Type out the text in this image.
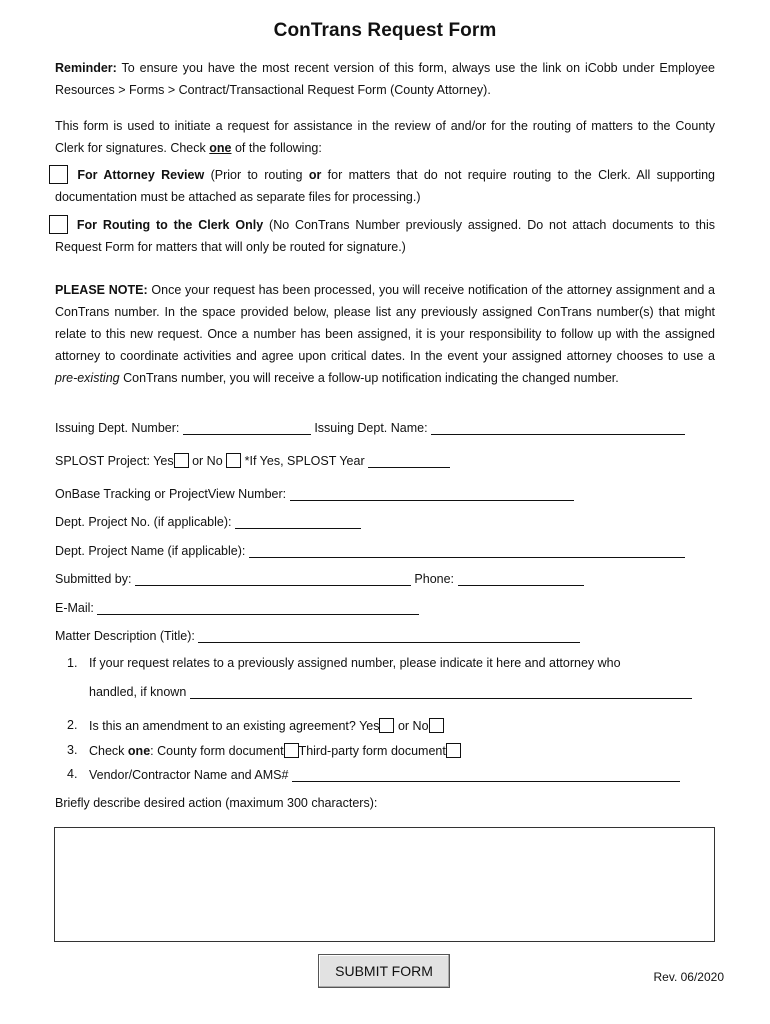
ConTrans Request Form
Reminder: To ensure you have the most recent version of this form, always use the link on iCobb under Employee Resources > Forms > Contract/Transactional Request Form (County Attorney).
This form is used to initiate a request for assistance in the review of and/or for the routing of matters to the County Clerk for signatures. Check one of the following:
For Attorney Review (Prior to routing or for matters that do not require routing to the Clerk. All supporting documentation must be attached as separate files for processing.)
For Routing to the Clerk Only (No ConTrans Number previously assigned. Do not attach documents to this Request Form for matters that will only be routed for signature.)
PLEASE NOTE: Once your request has been processed, you will receive notification of the attorney assignment and a ConTrans number. In the space provided below, please list any previously assigned ConTrans number(s) that might relate to this new request. Once a number has been assigned, it is your responsibility to follow up with the assigned attorney to coordinate activities and agree upon critical dates. In the event your assigned attorney chooses to use a pre-existing ConTrans number, you will receive a follow-up notification indicating the changed number.
Issuing Dept. Number:	Issuing Dept. Name:
SPLOST Project: Yes or No *If Yes, SPLOST Year
OnBase Tracking or ProjectView Number:
Dept. Project No. (if applicable):
Dept. Project Name (if applicable):
Submitted by:	Phone:
E-Mail:
Matter Description (Title):
1. If your request relates to a previously assigned number, please indicate it here and attorney who
handled, if known
2. Is this an amendment to an existing agreement? Yes or No
3. Check one: County form document Third-party form document
4. Vendor/Contractor Name and AMS#
Briefly describe desired action (maximum 300 characters):
SUBMIT FORM	Rev. 06/2020
